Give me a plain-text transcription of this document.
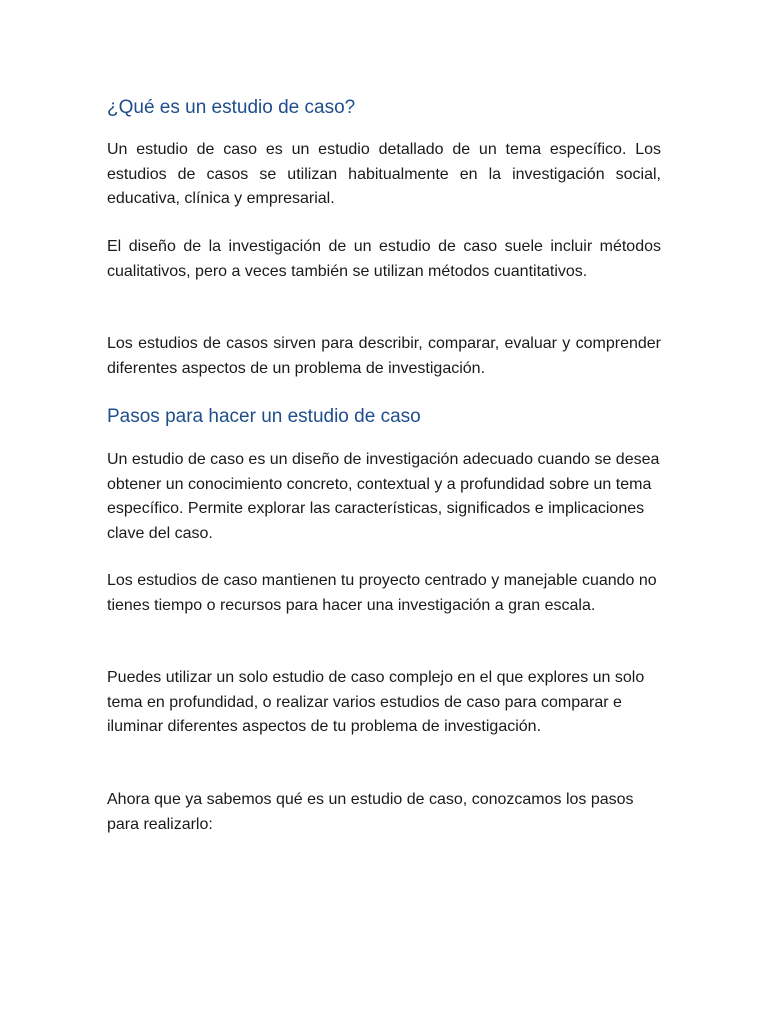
¿Qué es un estudio de caso?

Un estudio de caso es un estudio detallado de un tema específico. Los estudios de casos se utilizan habitualmente en la investigación social, educativa, clínica y empresarial.

El diseño de la investigación de un estudio de caso suele incluir métodos cualitativos, pero a veces también se utilizan métodos cuantitativos.

Los estudios de casos sirven para describir, comparar, evaluar y comprender diferentes aspectos de un problema de investigación.

Pasos para hacer un estudio de caso

Un estudio de caso es un diseño de investigación adecuado cuando se desea obtener un conocimiento concreto, contextual y a profundidad sobre un tema específico. Permite explorar las características, significados e implicaciones clave del caso.

Los estudios de caso mantienen tu proyecto centrado y manejable cuando no tienes tiempo o recursos para hacer una investigación a gran escala.

Puedes utilizar un solo estudio de caso complejo en el que explores un solo tema en profundidad, o realizar varios estudios de caso para comparar e iluminar diferentes aspectos de tu problema de investigación.

Ahora que ya sabemos qué es un estudio de caso, conozcamos los pasos para realizarlo:
